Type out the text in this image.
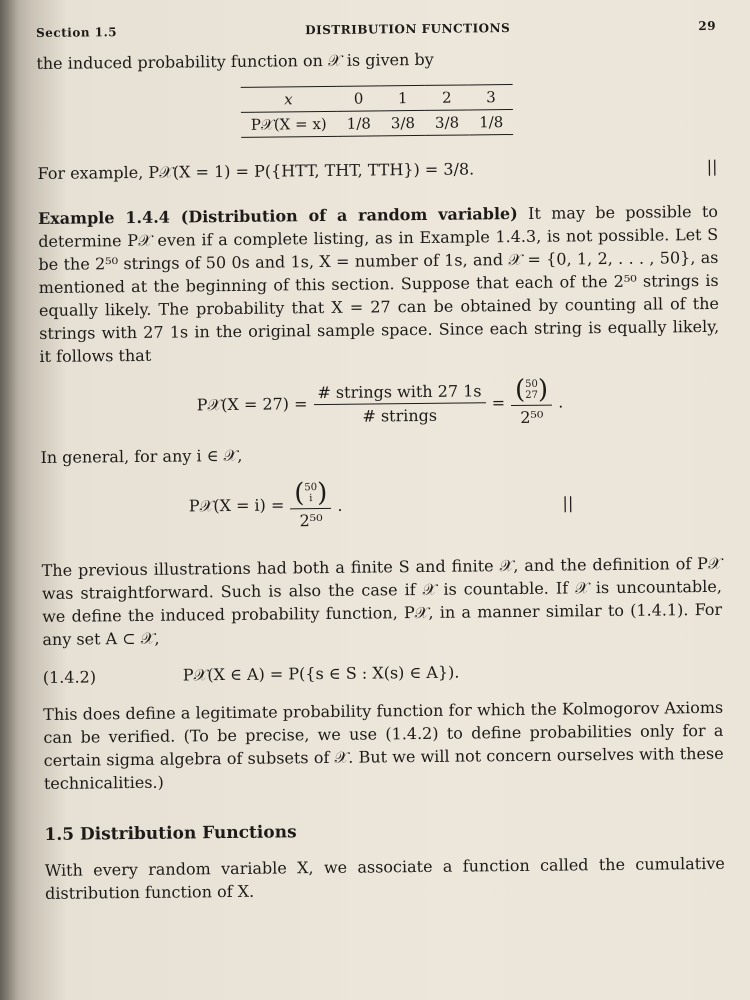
Section 1.5	DISTRIBUTION FUNCTIONS	29

the induced probability function on 𝒳 is given by

x	0	1	2	3
P𝒳(X = x)	1/8	3/8	3/8	1/8

For example, P𝒳(X = 1) = P({HTT, THT, TTH}) = 3/8.	||

Example 1.4.4 (Distribution of a random variable) It may be possible to determine P𝒳 even if a complete listing, as in Example 1.4.3, is not possible. Let S be the 2⁵⁰ strings of 50 0s and 1s, X = number of 1s, and 𝒳 = {0, 1, 2, . . . , 50}, as mentioned at the beginning of this section. Suppose that each of the 2⁵⁰ strings is equally likely. The probability that X = 27 can be obtained by counting all of the strings with 27 1s in the original sample space. Since each string is equally likely, it follows that

P𝒳(X = $27) = \frac{\text{\# strings with 27 1s}}{\text{\# strings}}$ = ( 50
27 )
2⁵⁰ .

In general, for any i ∈ 𝒳,

P𝒳(X = i) = ( 50
i )
2⁵⁰ .	||

The previous illustrations had both a finite S and finite 𝒳, and the definition of P𝒳 was straightforward. Such is also the case if 𝒳 is countable. If 𝒳 is uncountable, we define the induced probability function, P𝒳, in a manner similar to (1.4.1). For any set A ⊂ 𝒳,

(1.4.2)	P𝒳(X ∈ A) = P({s ∈ S : X(s) ∈ A}).

This does define a legitimate probability function for which the Kolmogorov Axioms can be verified. (To be precise, we use (1.4.2) to define probabilities only for a certain sigma algebra of subsets of 𝒳. But we will not concern ourselves with these technicalities.)

1.5 Distribution Functions

With every random variable X, we associate a function called the cumulative distribution function of X.
